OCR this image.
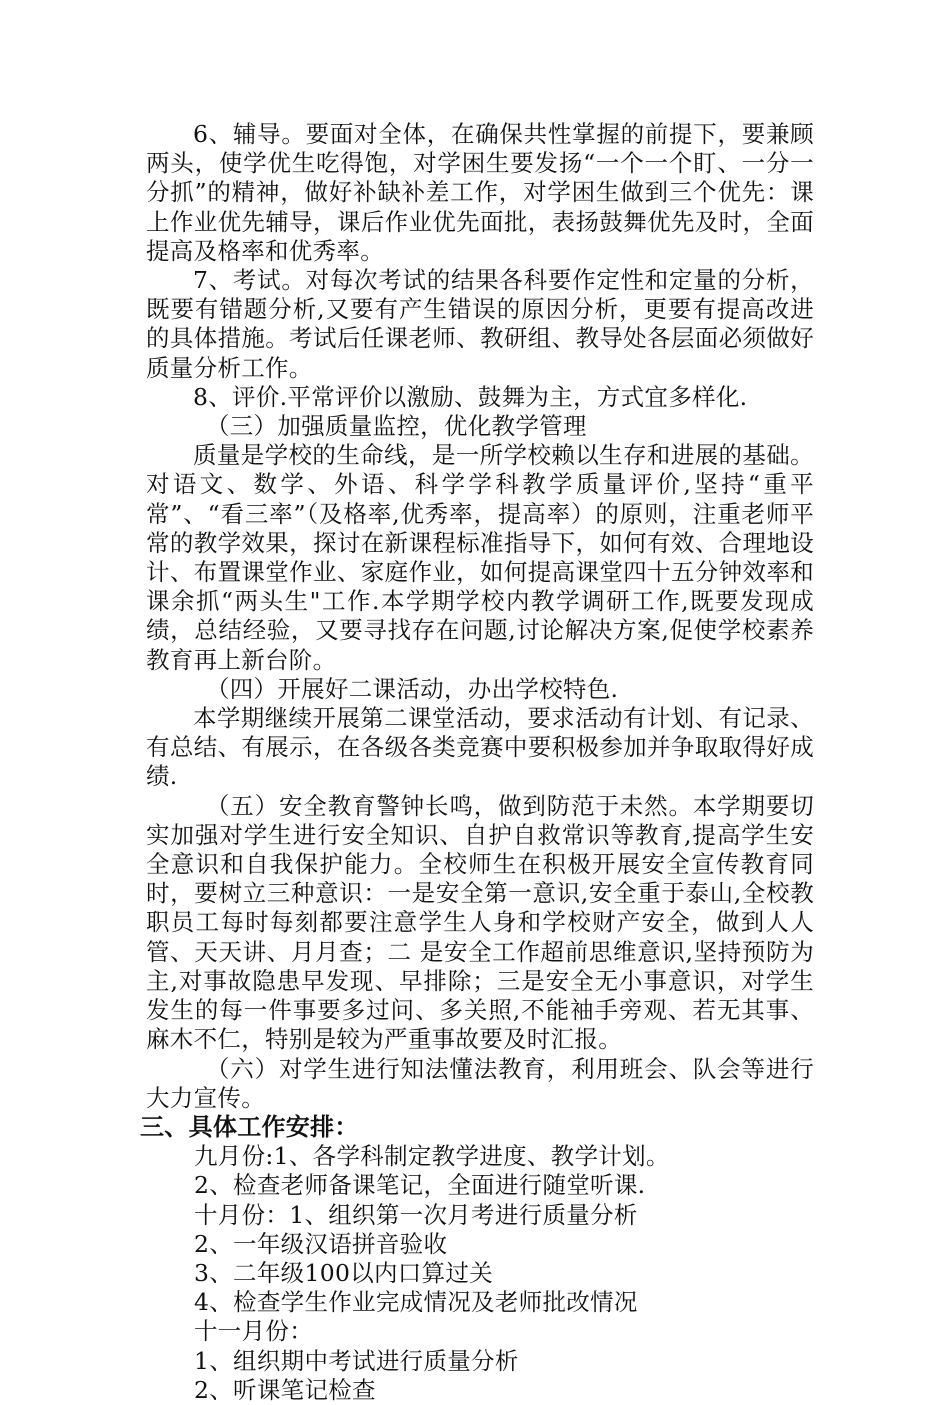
6、辅导。要面对全体，在确保共性掌握的前提下，要兼顾两头，使学优生吃得饱，对学困生要发扬“一个一个盯、一分一分抓”的精神，做好补缺补差工作，对学困生做到三个优先：课上作业优先辅导，课后作业优先面批，表扬鼓舞优先及时，全面提高及格率和优秀率。

7、考试。对每次考试的结果各科要作定性和定量的分析，既要有错题分析,又要有产生错误的原因分析，更要有提高改进的具体措施。考试后任课老师、教研组、教导处各层面必须做好质量分析工作。

8、评价.平常评价以激励、鼓舞为主，方式宜多样化.

（三）加强质量监控，优化教学管理

质量是学校的生命线，是一所学校赖以生存和进展的基础。对语文、数学、外语、科学学科教学质量评价,坚持“重平常”、“看三率”（及格率,优秀率，提高率）的原则，注重老师平常的教学效果，探讨在新课程标准指导下，如何有效、合理地设计、布置课堂作业、家庭作业，如何提高课堂四十五分钟效率和课余抓“两头生"工作.本学期学校内教学调研工作,既要发现成绩，总结经验，又要寻找存在问题,讨论解决方案,促使学校素养教育再上新台阶。

（四）开展好二课活动，办出学校特色.

本学期继续开展第二课堂活动，要求活动有计划、有记录、有总结、有展示，在各级各类竞赛中要积极参加并争取取得好成绩.

（五）安全教育警钟长鸣，做到防范于未然。本学期要切实加强对学生进行安全知识、自护自救常识等教育,提高学生安全意识和自我保护能力。全校师生在积极开展安全宣传教育同时，要树立三种意识：一是安全第一意识,安全重于泰山,全校教职员工每时每刻都要注意学生人身和学校财产安全，做到人人管、天天讲、月月查；二 是安全工作超前思维意识,坚持预防为主,对事故隐患早发现、早排除；三是安全无小事意识，对学生发生的每一件事要多过问、多关照,不能袖手旁观、若无其事、麻木不仁，特别是较为严重事故要及时汇报。

（六）对学生进行知法懂法教育，利用班会、队会等进行大力宣传。

三、具体工作安排：

九月份:1、各学科制定教学进度、教学计划。

2、检查老师备课笔记，全面进行随堂听课.

十月份：1、组织第一次月考进行质量分析

2、一年级汉语拼音验收

3、二年级100以内口算过关

4、检查学生作业完成情况及老师批改情况

十一月份：

1、组织期中考试进行质量分析

2、听课笔记检查
